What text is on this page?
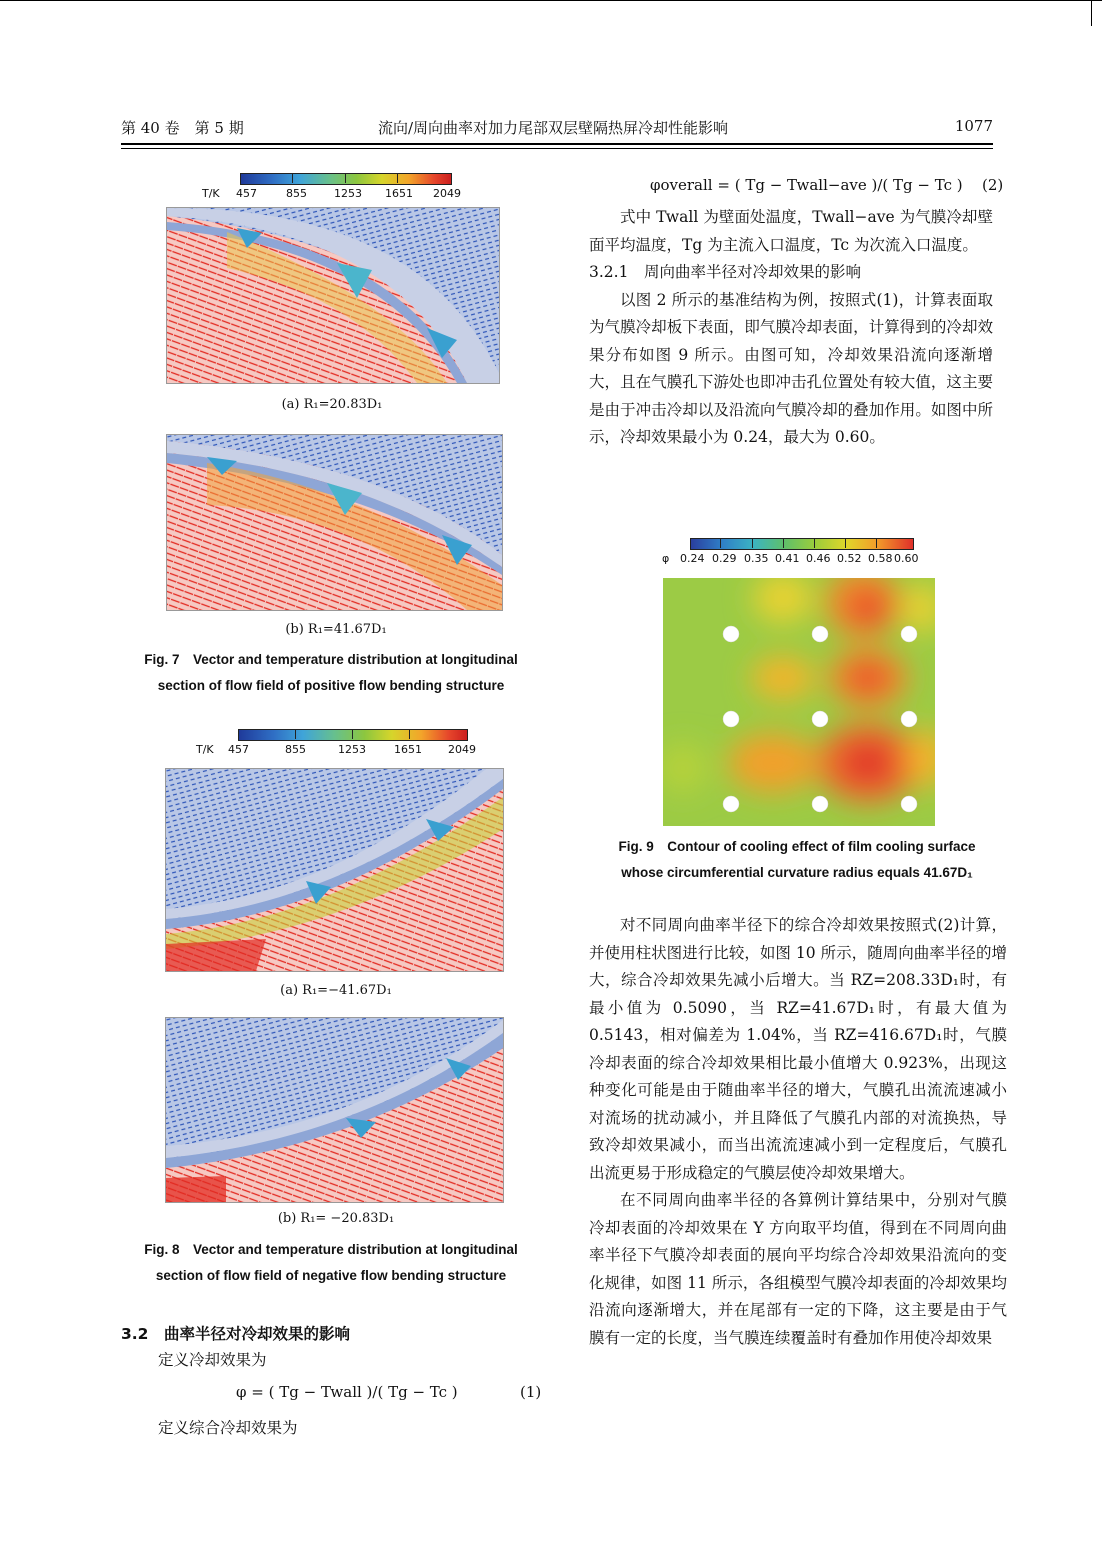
第 40 卷　第 5 期	流向/周向曲率对加力尾部双层壁隔热屏冷却性能影响	1077
T/K 457	855 1253 1651 2049
(a) R₁=20.83D₁
(b) R₁=41.67D₁
Fig. 7　Vector and temperature distribution at longitudinal
section of flow field of positive flow bending structure
T/K 457	855	1253	1651 2049
(a) R₁=−41.67D₁
(b) R₁= −20.83D₁
Fig. 8　Vector and temperature distribution at longitudinal
section of flow field of negative flow bending structure
3.2　曲率半径对冷却效果的影响
定义冷却效果为
φ = ( Tg − Twall )/( Tg − Tc )	(1)
定义综合冷却效果为
φoverall = ( Tg − Twall−ave )/( Tg − Tc ) (2)

式中 Twall 为壁面处温度，Twall−ave 为气膜冷却壁面平均温度，Tg 为主流入口温度，Tc 为次流入口温度。

3.2.1　周向曲率半径对冷却效果的影响

以图 2 所示的基准结构为例，按照式(1)，计算表面取为气膜冷却板下表面，即气膜冷却表面，计算得到的冷却效果分布如图 9 所示。由图可知，冷却效果沿流向逐渐增大，且在气膜孔下游处也即冲击孔位置处有较大值，这主要是由于冲击冷却以及沿流向气膜冷却的叠加作用。如图中所示，冷却效果最小为 0.24，最大为 0.60。

φ 0.24 0.29 0.35 0.41 0.46 0.52 0.58 0.60
Fig. 9　Contour of cooling effect of film cooling surface
whose circumferential curvature radius equals 41.67D₁

对不同周向曲率半径下的综合冷却效果按照式(2)计算，并使用柱状图进行比较，如图 10 所示，随周向曲率半径的增大，综合冷却效果先减小后增大。当 RZ=208.33D₁时，有最小值为 0.5090，当 RZ=41.67D₁时，有最大值为 0.5143，相对偏差为 1.04%，当 RZ=416.67D₁时，气膜冷却表面的综合冷却效果相比最小值增大 0.923%，出现这种变化可能是由于随曲率半径的增大，气膜孔出流流速减小对流场的扰动减小，并且降低了气膜孔内部的对流换热，导致冷却效果减小，而当出流流速减小到一定程度后，气膜孔出流更易于形成稳定的气膜层使冷却效果增大。

在不同周向曲率半径的各算例计算结果中，分别对气膜冷却表面的冷却效果在 Y 方向取平均值，得到在不同周向曲率半径下气膜冷却表面的展向平均综合冷却效果沿流向的变化规律，如图 11 所示，各组模型气膜冷却表面的冷却效果均沿流向逐渐增大，并在尾部有一定的下降，这主要是由于气膜有一定的长度，当气膜连续覆盖时有叠加作用使冷却效果
